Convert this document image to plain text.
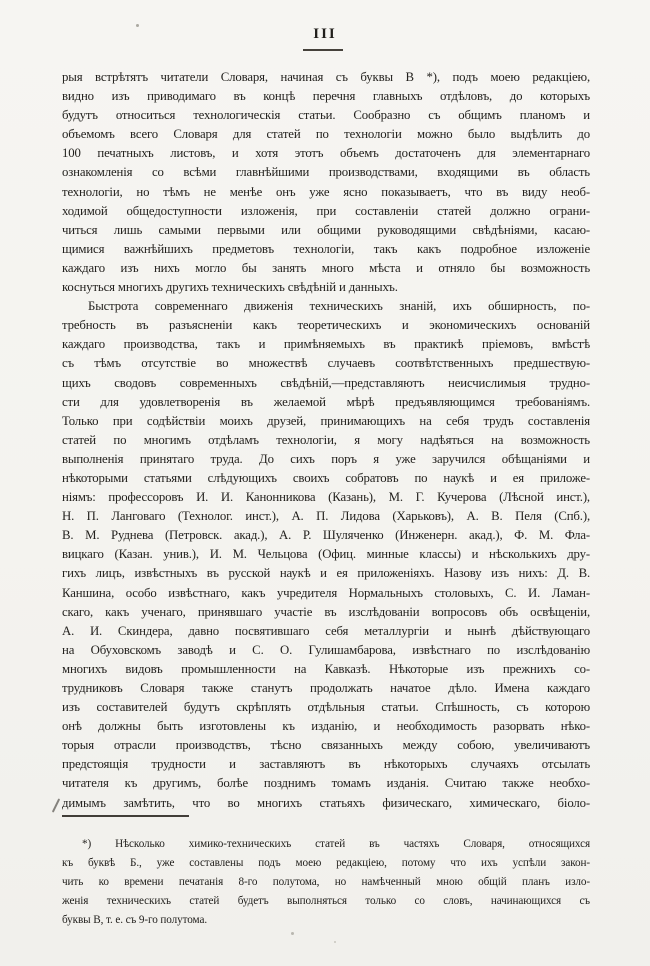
III
рыя встрѣтятъ читатели Словаря, начиная съ буквы В *), подъ моею редакціею,
видно изъ приводимаго въ концѣ перечня главныхъ отдѣловъ, до которыхъ
будутъ относиться технологическія статьи. Сообразно съ общимъ планомъ и
объемомъ всего Словаря для статей по технологіи можно было выдѣлить до
100 печатныхъ листовъ, и хотя этотъ объемъ достаточенъ для элементарнаго
ознакомленія со всѣми главнѣйшими производствами, входящими въ область
технологіи, но тѣмъ не менѣе онъ уже ясно показываетъ, что въ виду необ-
ходимой общедоступности изложенія, при составленіи статей должно ограни-
читься лишь самыми первыми или общими руководящими свѣдѣніями, касаю-
щимися важнѣйшихъ предметовъ технологіи, такъ какъ подробное изложеніе
каждаго изъ нихъ могло бы занять много мѣста и отняло бы возможность
коснуться многихъ другихъ техническихъ свѣдѣній и данныхъ.
Быстрота современнаго движенія техническихъ знаній, ихъ обширность, по-
требность въ разъясненіи какъ теоретическихъ и экономическихъ основаній
каждаго производства, такъ и примѣняемыхъ въ практикѣ пріемовъ, вмѣстѣ
съ тѣмъ отсутствіе во множествѣ случаевъ соотвѣтственныхъ предшествую-
щихъ сводовъ современныхъ свѣдѣній,—представляютъ неисчислимыя трудно-
сти для удовлетворенія въ желаемой мѣрѣ предъявляющимся требованіямъ.
Только при содѣйствіи моихъ друзей, принимающихъ на себя трудъ составленія
статей по многимъ отдѣламъ технологіи, я могу надѣяться на возможность
выполненія принятаго труда. До сихъ поръ я уже заручился обѣщаніями и
нѣкоторыми статьями слѣдующихъ своихъ собратовъ по наукѣ и ея приложе-
ніямъ: профессоровъ И. И. Канонникова (Казань), М. Г. Кучерова (Лѣсной инст.),
Н. П. Ланговаго (Технолог. инст.), А. П. Лидова (Харьковъ), А. В. Пеля (Спб.),
В. М. Руднева (Петровск. акад.), А. Р. Шуляченко (Инженерн. акад.), Ф. М. Фла-
вицкаго (Казан. унив.), И. М. Чельцова (Офиц. минные классы) и нѣсколькихъ дру-
гихъ лицъ, извѣстныхъ въ русской наукѣ и ея приложеніяхъ. Назову изъ нихъ: Д. В.
Каншина, особо извѣстнаго, какъ учредителя Нормальныхъ столовыхъ, С. И. Ламан-
скаго, какъ ученаго, принявшаго участіе въ изслѣдованіи вопросовъ объ освѣщеніи,
А. И. Скиндера, давно посвятившаго себя металлургіи и нынѣ дѣйствующаго
на Обуховскомъ заводѣ и С. О. Гулишамбарова, извѣстнаго по изслѣдованію
многихъ видовъ промышленности на Кавказѣ. Нѣкоторые изъ прежнихъ со-
трудниковъ Словаря также станутъ продолжать начатое дѣло. Имена каждаго
изъ составителей будутъ скрѣплять отдѣльныя статьи. Спѣшность, съ которою
онѣ должны быть изготовлены къ изданію, и необходимость разорвать нѣко-
торыя отрасли производствъ, тѣсно связанныхъ между собою, увеличиваютъ
предстоящія трудности и заставляютъ въ нѣкоторыхъ случаяхъ отсылать
читателя къ другимъ, болѣе позднимъ томамъ изданія. Считаю также необхо-
димымъ замѣтить, что во многихъ статьяхъ физическаго, химическаго, біоло-
*) Нѣсколько химико-техническихъ статей въ частяхъ Словаря, относящихся
къ буквѣ Б., уже составлены подъ моею редакціею, потому что ихъ успѣли закон-
чить ко времени печатанія 8-го полутома, но намѣченный мною общій планъ изло-
женія техническихъ статей будетъ выполняться только со словъ, начинающихся съ
буквы В, т. е. съ 9-го полутома.
